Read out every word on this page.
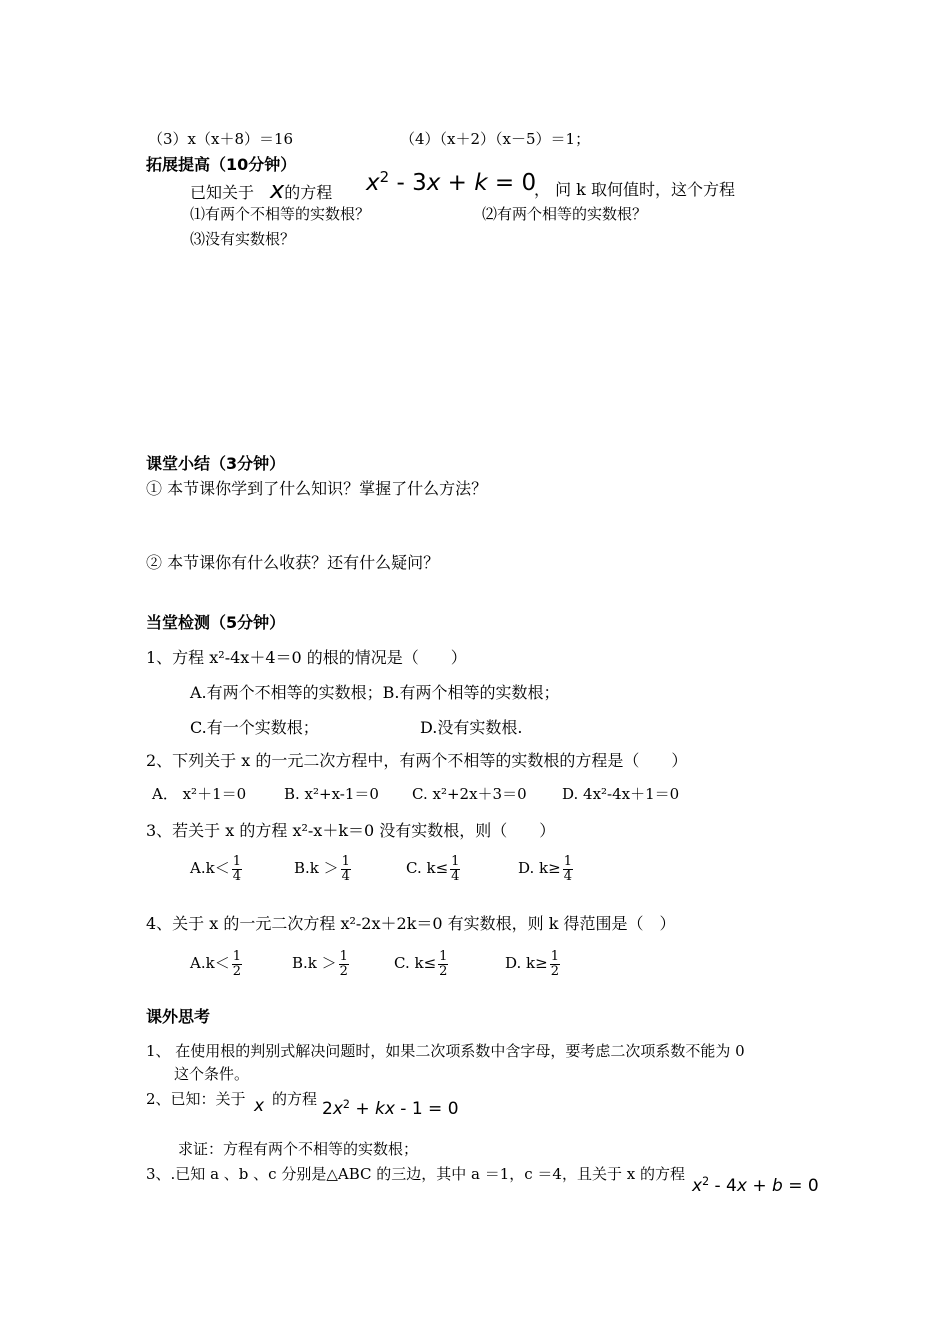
（3）x（x＋8）＝16	（4）（x＋2）（x－5）＝1；
拓展提高（10分钟）
已知关于 x的方程 $x^2 - 3x + k = 0$
， 问 k 取何值时，这个方程
⑴有两个不相等的实数根？	⑵有两个相等的实数根？
⑶没有实数根？
课堂小结（3分钟）
① 本节课你学到了什么知识？掌握了什么方法？
② 本节课你有什么收获？还有什么疑问？
当堂检测（5分钟）
1、方程 x²-4x＋4＝0 的根的情况是（　　）
A.有两个不相等的实数根；B.有两个相等的实数根；
C.有一个实数根；	D.没有实数根.
2、下列关于 x 的一元二次方程中，有两个不相等的实数根的方程是（　　）
A． x²＋1＝0	B. x²+x-1＝0 C. x²+2x＋3＝0 D. 4x²-4x＋1＝0
3、若关于 x 的方程 x²-x＋k＝0 没有实数根，则（　　）
$A.k< \frac{1}{4}$	$B.k > \frac{1}{4}$	C. $k\le \frac{1}{4}$	D. $k\ge \frac{1}{4}$
4、关于 x 的一元二次方程 x²-2x＋2k＝0 有实数根，则 k 得范围是（　）
$A.k< \frac{1}{2}$	$B.k > \frac{1}{2}$	C. $k\le \frac{1}{2}$	D. $k\ge \frac{1}{2}$
课外思考
1、 在使用根的判别式解决问题时，如果二次项系数中含字母，要考虑二次项系数不能为 0
这个条件。
2、已知：关于 x 的方程 $2x^2$ + kx - 1 = 0
求证：方程有两个不相等的实数根；
3、.已知 a 、b 、c 分别是△ABC 的三边，其中 a ＝1，c ＝4，且关于 x 的方程
$x^2 - 4x + b = 0$
